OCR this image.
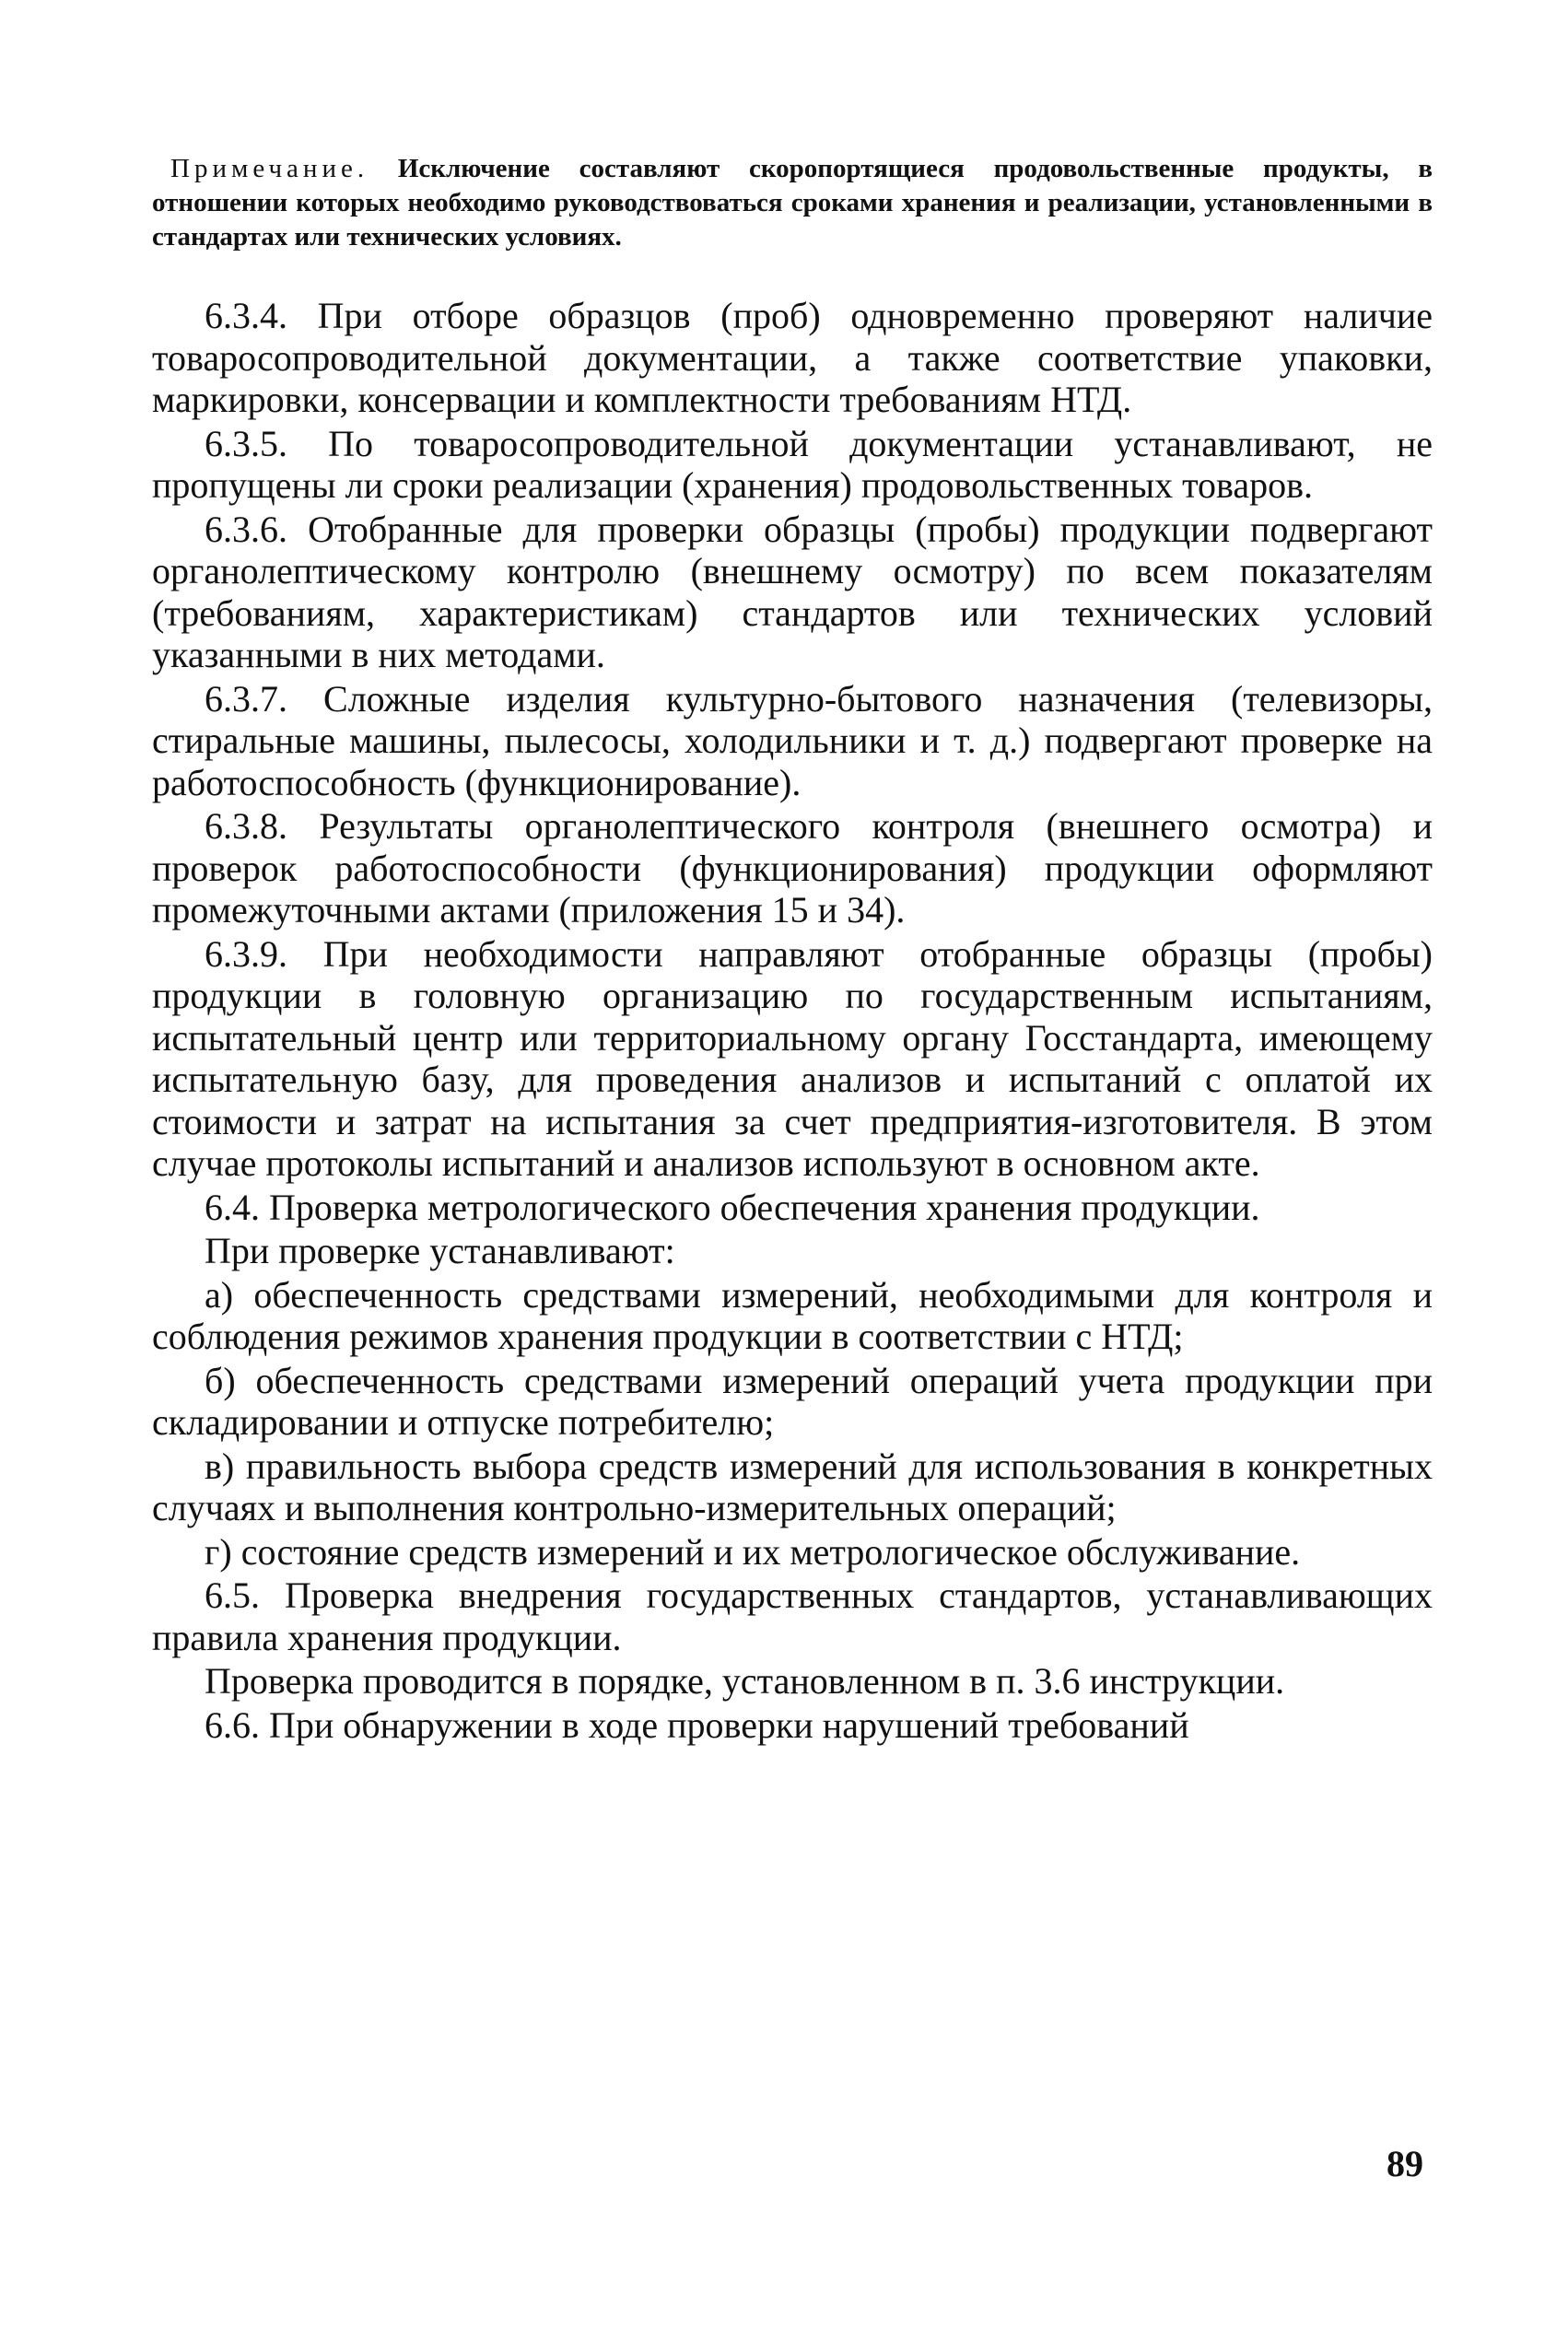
Примечание. Исключение составляют скоропортящиеся продовольственные продукты, в отношении которых необходимо руководствоваться сроками хранения и реализации, установленными в стандартах или технических условиях.

6.3.4. При отборе образцов (проб) одновременно проверяют наличие товаросопроводительной документации, а также соответствие упаковки, маркировки, консервации и комплектности требованиям НТД.

6.3.5. По товаросопроводительной документации устанавливают, не пропущены ли сроки реализации (хранения) продовольственных товаров.

6.3.6. Отобранные для проверки образцы (пробы) продукции подвергают органолептическому контролю (внешнему осмотру) по всем показателям (требованиям, характеристикам) стандартов или технических условий указанными в них методами.

6.3.7. Сложные изделия культурно-бытового назначения (телевизоры, стиральные машины, пылесосы, холодильники и т. д.) подвергают проверке на работоспособность (функционирование).

6.3.8. Результаты органолептического контроля (внешнего осмотра) и проверок работоспособности (функционирования) продукции оформляют промежуточными актами (приложения 15 и 34).

6.3.9. При необходимости направляют отобранные образцы (пробы) продукции в головную организацию по государственным испытаниям, испытательный центр или территориальному органу Госстандарта, имеющему испытательную базу, для проведения анализов и испытаний с оплатой их стоимости и затрат на испытания за счет предприятия-изготовителя. В этом случае протоколы испытаний и анализов используют в основном акте.

6.4. Проверка метрологического обеспечения хранения продукции.

При проверке устанавливают:

а) обеспеченность средствами измерений, необходимыми для контроля и соблюдения режимов хранения продукции в соответствии с НТД;

б) обеспеченность средствами измерений операций учета продукции при складировании и отпуске потребителю;

в) правильность выбора средств измерений для использования в конкретных случаях и выполнения контрольно-измерительных операций;

г) состояние средств измерений и их метрологическое обслуживание.

6.5. Проверка внедрения государственных стандартов, устанавливающих правила хранения продукции.

Проверка проводится в порядке, установленном в п. 3.6 инструкции.

6.6. При обнаружении в ходе проверки нарушений требований

89
